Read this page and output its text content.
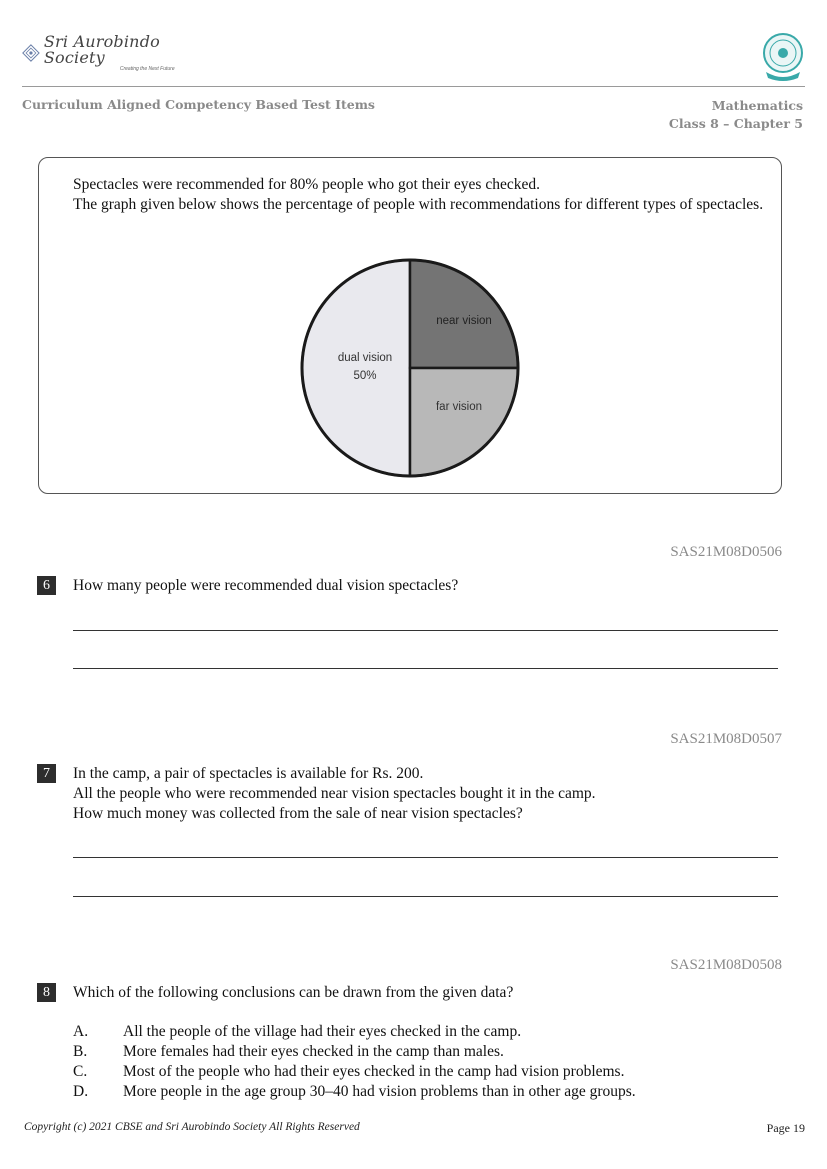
Sri Aurobindo Society
Creating the Next Future
Curriculum Aligned Competency Based Test Items	Mathematics
Class 8 – Chapter 5
Spectacles were recommended for 80% people who got their eyes checked.
The graph given below shows the percentage of people with recommendations for different types of spectacles.
dual vision
50%
near vision
far vision
SAS21M08D0506
6	How many people were recommended dual vision spectacles?
SAS21M08D0507
7	In the camp, a pair of spectacles is available for Rs. 200.
All the people who were recommended near vision spectacles bought it in the camp.
How much money was collected from the sale of near vision spectacles?
SAS21M08D0508
8	Which of the following conclusions can be drawn from the given data?
A.	All the people of the village had their eyes checked in the camp.
B.	More females had their eyes checked in the camp than males.
C.	Most of the people who had their eyes checked in the camp had vision problems.
D.	More people in the age group 30–40 had vision problems than in other age groups.
Copyright (c) 2021 CBSE and Sri Aurobindo Society All Rights Reserved	Page 19
